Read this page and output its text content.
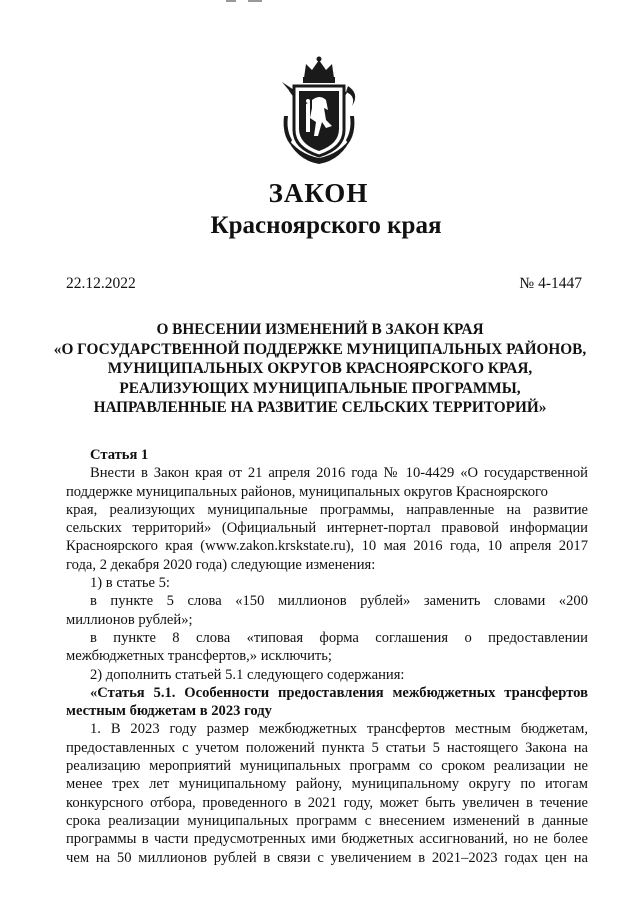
ЗАКОН
Красноярского края
22.12.2022	№ 4-1447
О ВНЕСЕНИИ ИЗМЕНЕНИЙ В ЗАКОН КРАЯ
«О ГОСУДАРСТВЕННОЙ ПОДДЕРЖКЕ МУНИЦИПАЛЬНЫХ РАЙОНОВ,
МУНИЦИПАЛЬНЫХ ОКРУГОВ КРАСНОЯРСКОГО КРАЯ,
РЕАЛИЗУЮЩИХ МУНИЦИПАЛЬНЫЕ ПРОГРАММЫ,
НАПРАВЛЕННЫЕ НА РАЗВИТИЕ СЕЛЬСКИХ ТЕРРИТОРИЙ»
Статья 1
Внести в Закон края от 21 апреля 2016 года № 10-4429 «О государственной
поддержке муниципальных районов, муниципальных округов Красноярского
края, реализующих муниципальные программы, направленные на развитие
сельских территорий» (Официальный интернет-портал правовой информации
Красноярского края (www.zakon.krskstate.ru), 10 мая 2016 года, 10 апреля 2017
года, 2 декабря 2020 года) следующие изменения:
1) в статье 5:
в пункте 5 слова «150 миллионов рублей» заменить словами «200
миллионов рублей»;
в пункте 8 слова «типовая форма соглашения о предоставлении
межбюджетных трансфертов,» исключить;
2) дополнить статьей 5.1 следующего содержания:
«Статья 5.1. Особенности предоставления межбюджетных трансфертов
местным бюджетам в 2023 году
1. В 2023 году размер межбюджетных трансфертов местным бюджетам,
предоставленных с учетом положений пункта 5 статьи 5 настоящего Закона на
реализацию мероприятий муниципальных программ со сроком реализации не
менее трех лет муниципальному району, муниципальному округу по итогам
конкурсного отбора, проведенного в 2021 году, может быть увеличен в течение
срока реализации муниципальных программ с внесением изменений в данные
программы в части предусмотренных ими бюджетных ассигнований, но не более
чем на 50 миллионов рублей в связи с увеличением в 2021–2023 годах цен на
